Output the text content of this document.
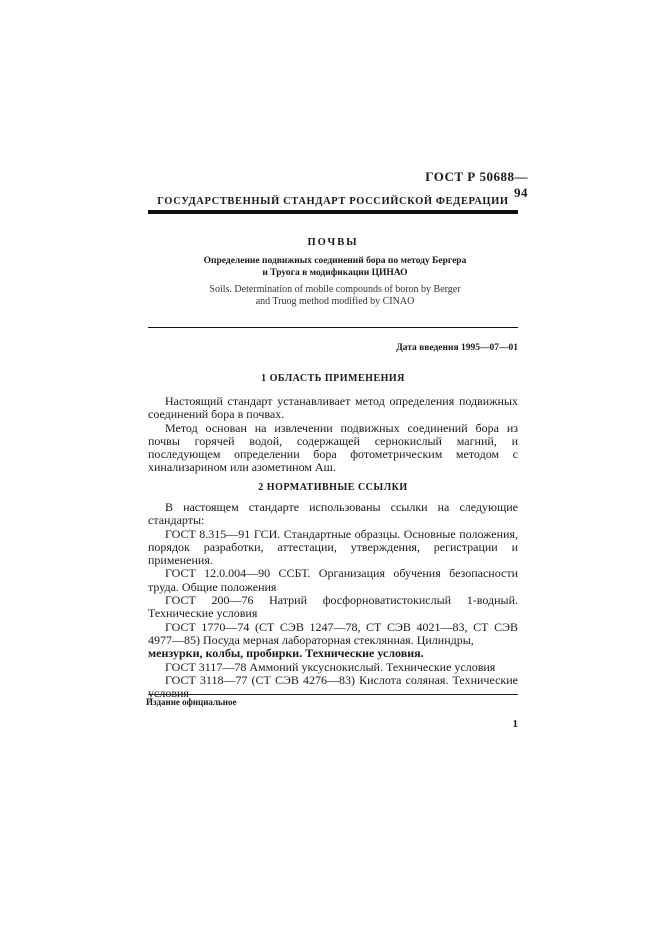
ГОСТ Р 50688—94
ГОСУДАРСТВЕННЫЙ СТАНДАРТ РОССИЙСКОЙ ФЕДЕРАЦИИ
ПОЧВЫ
Определение подвижных соединений бора по методу Бергера
и Труога в модификации ЦИНАО
Soils. Determination of mobile compounds of boron by Berger
and Truog method modified by CINAO
Дата введения 1995—07—01
1 ОБЛАСТЬ ПРИМЕНЕНИЯ

Настоящий стандарт устанавливает метод определения подвижных соединений бора в почвах.

Метод основан на извлечении подвижных соединений бора из почвы горячей водой, содержащей сернокислый магний, и последующем определении бора фотометрическим методом с хинализарином или азометином Аш.

2 НОРМАТИВНЫЕ ССЫЛКИ

В настоящем стандарте использованы ссылки на следующие стандарты:

ГОСТ 8.315—91 ГСИ. Стандартные образцы. Основные положения, порядок разработки, аттестации, утверждения, регистрации и применения.

ГОСТ 12.0.004—90 ССБТ. Организация обучения безопасности труда. Общие положения

ГОСТ 200—76 Натрий фосфорноватистокислый 1-водный. Технические условия

ГОСТ 1770—74 (СТ СЭВ 1247—78, СТ СЭВ 4021—83, СТ СЭВ 4977—85) Посуда мерная лабораторная стеклянная. Цилиндры,

мензурки, колбы, пробирки. Технические условия.

ГОСТ 3117—78 Аммоний уксуснокислый. Технические условия

ГОСТ 3118—77 (СТ СЭВ 4276—83) Кислота соляная. Технические

Издание официальное
1
